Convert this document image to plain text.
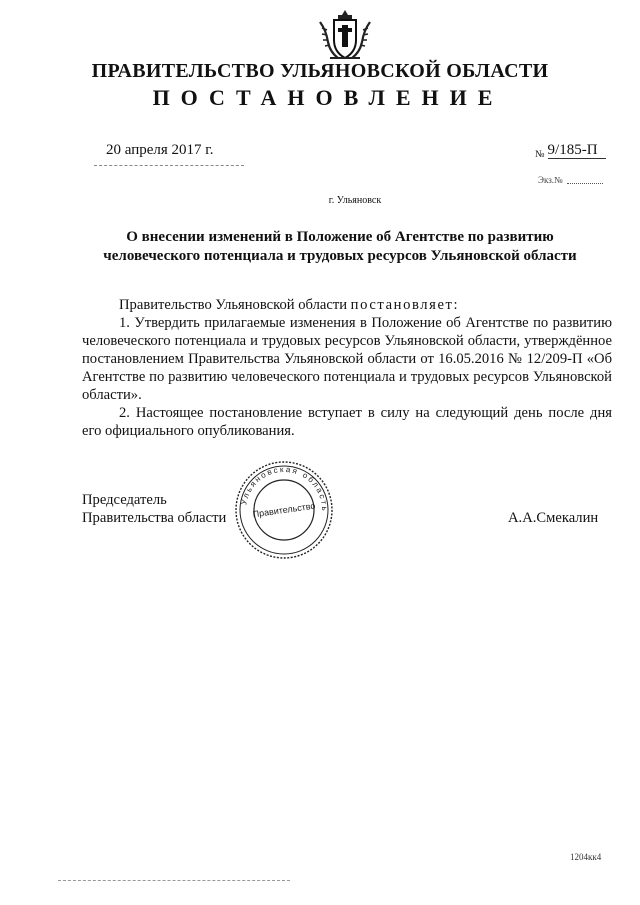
ПРАВИТЕЛЬСТВО УЛЬЯНОВСКОЙ ОБЛАСТИ
ПОСТАНОВЛЕНИЕ
20 апреля 2017 г.	$_№$ 9/185-П
Экз.№
г. Ульяновск
О внесении изменений в Положение об Агентстве по развитию
человеческого потенциала и трудовых ресурсов Ульяновской области

Правительство Ульяновской области постановляет:

1. Утвердить прилагаемые изменения в Положение об Агентстве по развитию человеческого потенциала и трудовых ресурсов Ульяновской области, утверждённое постановлением Правительства Ульяновской области от 16.05.2016 № 12/209-П «Об Агентстве по развитию человеческого потенциала и трудовых ресурсов Ульяновской области».

2. Настоящее постановление вступает в силу на следующий день после дня его официального опубликования.

Председатель
Правительства области
Ульяновская область
Правительство	А.А.Смекалин
1204кк4
